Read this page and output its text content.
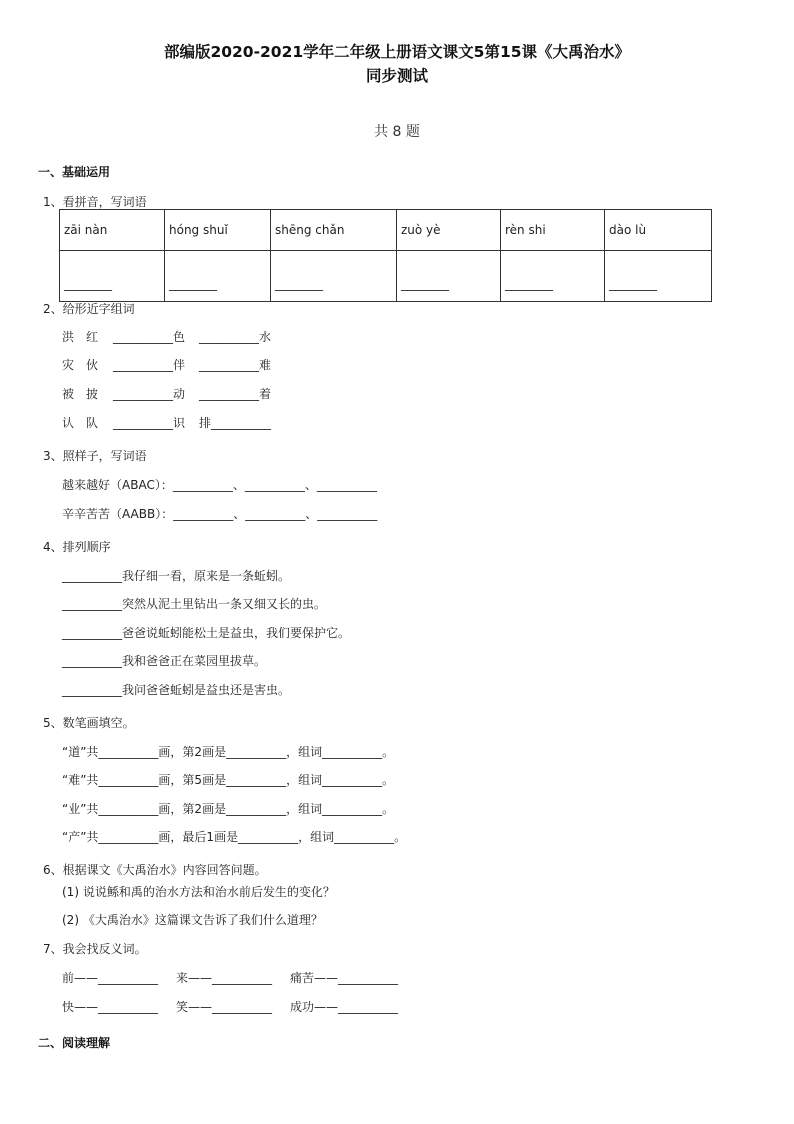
部编版2020-2021学年二年级上册语文课文5第15课《大禹治水》
同步测试
共 8 题
一、基础运用
1、看拼音，写词语
zāi nàn	hóng shuǐ	shēng chǎn	zuò yè	rèn shi	dào lù
________	________	________	________	________	________
2、给形近字组词
洪 红 __________色 __________水
灾 伙 __________伴 __________难
被 披 __________动 __________着
认 队 __________识 排__________
3、照样子，写词语
越来越好（ABAC）：__________、__________、__________
辛辛苦苦（AABB）：__________、__________、__________
4、排列顺序
__________我仔细一看，原来是一条蚯蚓。
__________突然从泥土里钻出一条又细又长的虫。
__________爸爸说蚯蚓能松土是益虫，我们要保护它。
__________我和爸爸正在菜园里拔草。
__________我问爸爸蚯蚓是益虫还是害虫。
5、数笔画填空。
“道”共__________画，第2画是__________，组词__________。
“难”共__________画，第5画是__________，组词__________。
“业”共__________画，第2画是__________，组词__________。
“产”共__________画，最后1画是__________，组词__________。
6、根据课文《大禹治水》内容回答问题。
(1) 说说鲧和禹的治水方法和治水前后发生的变化？
(2) 《大禹治水》这篇课文告诉了我们什么道理？
7、我会找反义词。
前——__________ 来——__________ 痛苦——__________
快——__________ 笑——__________ 成功——__________
二、阅读理解
